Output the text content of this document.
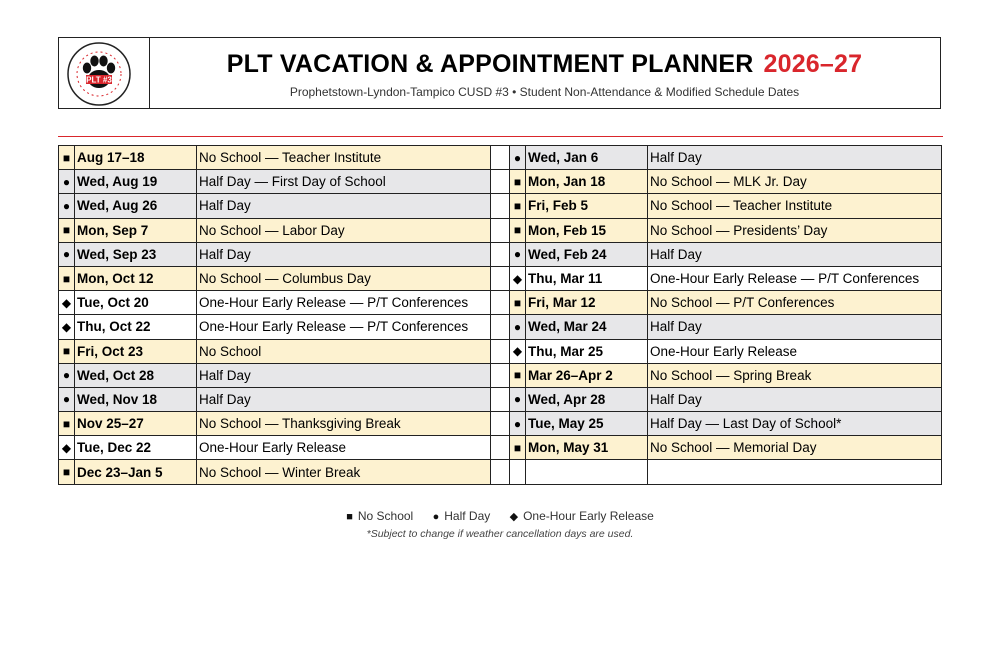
PLT #3
PLT VACATION & APPOINTMENT PLANNER 2026–27
Prophetstown-Lyndon-Tampico CUSD #3 • Student Non-Attendance & Modified Schedule Dates
■	Aug 17–18	No School — Teacher Institute		●	Wed, Jan 6	Half Day
●	Wed, Aug 19	Half Day — First Day of School		■	Mon, Jan 18	No School — MLK Jr. Day
●	Wed, Aug 26	Half Day		■	Fri, Feb 5	No School — Teacher Institute
■	Mon, Sep 7	No School — Labor Day		■	Mon, Feb 15	No School — Presidents’ Day
●	Wed, Sep 23	Half Day		●	Wed, Feb 24	Half Day
■	Mon, Oct 12	No School — Columbus Day		◆	Thu, Mar 11	One-Hour Early Release — P/T Conferences
◆	Tue, Oct 20	One-Hour Early Release — P/T Conferences		■	Fri, Mar 12	No School — P/T Conferences
◆	Thu, Oct 22	One-Hour Early Release — P/T Conferences		●	Wed, Mar 24	Half Day
■	Fri, Oct 23	No School		◆	Thu, Mar 25	One-Hour Early Release
●	Wed, Oct 28	Half Day		■	Mar 26–Apr 2	No School — Spring Break
●	Wed, Nov 18	Half Day		●	Wed, Apr 28	Half Day
■	Nov 25–27	No School — Thanksgiving Break		●	Tue, May 25	Half Day — Last Day of School*
◆	Tue, Dec 22	One-Hour Early Release		■	Mon, May 31	No School — Memorial Day
■	Dec 23–Jan 5	No School — Winter Break				
■ No School ● Half Day ◆ One-Hour Early Release
*Subject to change if weather cancellation days are used.
